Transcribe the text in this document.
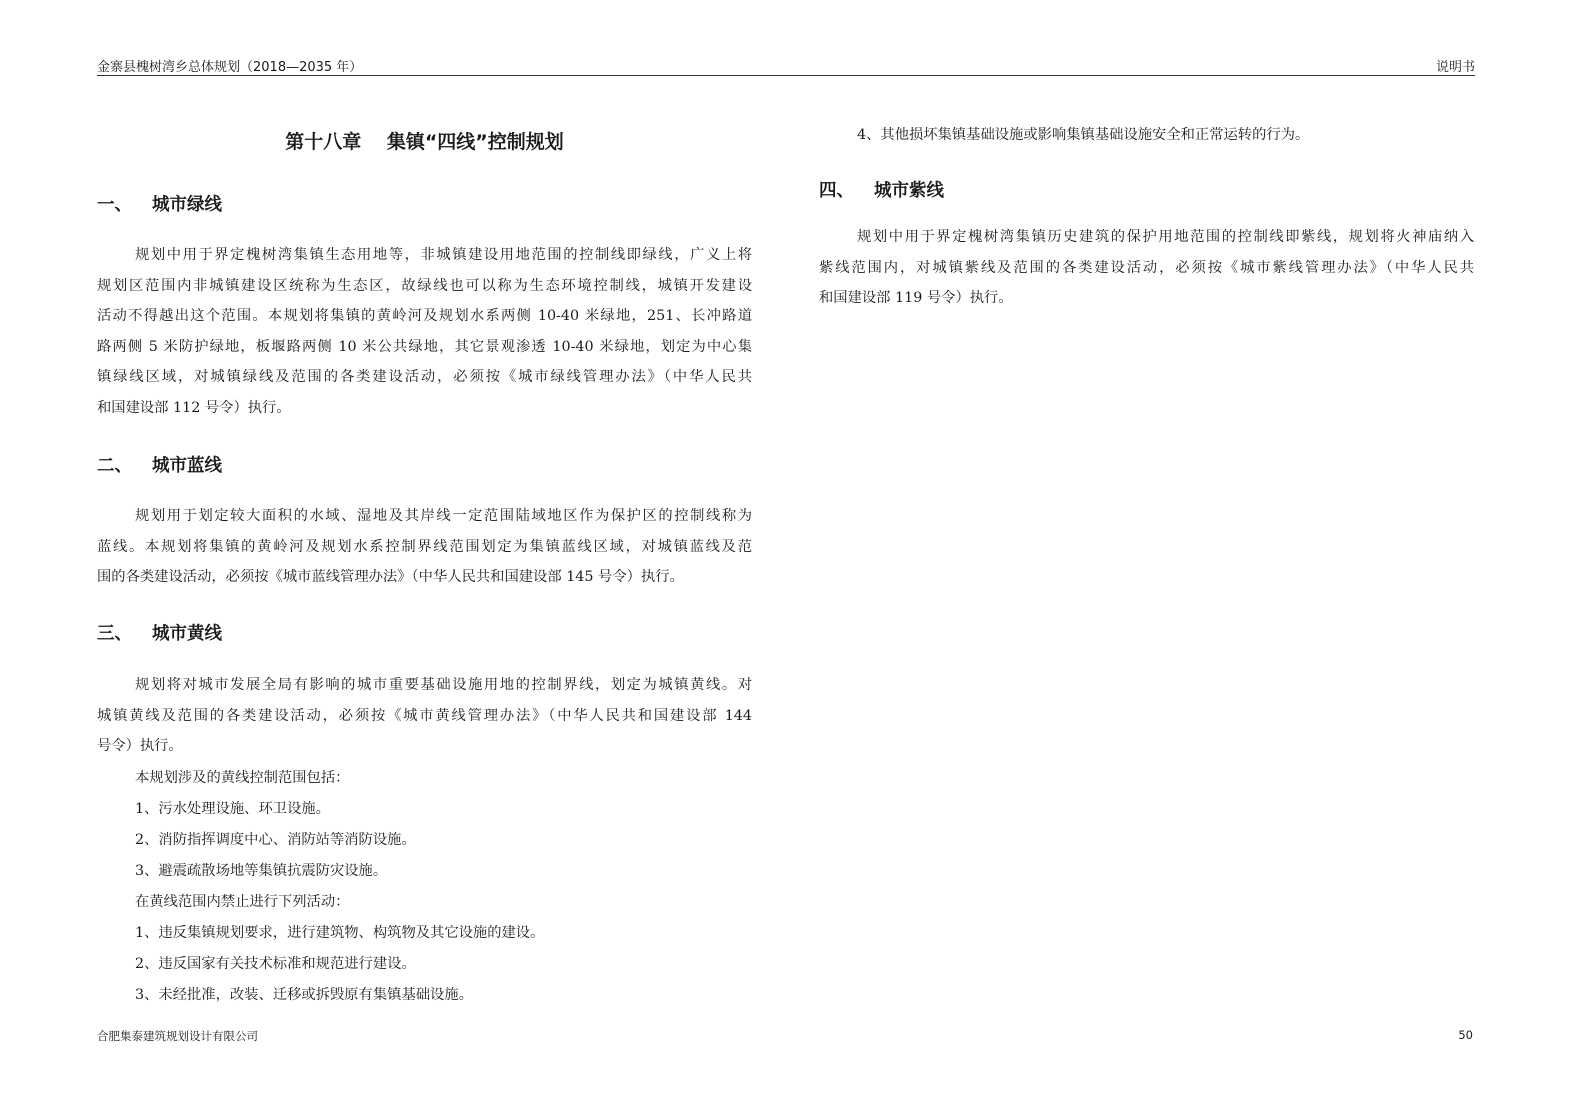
金寨县槐树湾乡总体规划（2018—2035 年）	说明书
第十八章　 集镇“四线”控制规划
一、 城市绿线
规划中用于界定槐树湾集镇生态用地等，非城镇建设用地范围的控制线即绿线，广义上将
规划区范围内非城镇建设区统称为生态区，故绿线也可以称为生态环境控制线，城镇开发建设
活动不得越出这个范围。本规划将集镇的黄岭河及规划水系两侧 10-40 米绿地，251、长冲路道
路两侧 5 米防护绿地，板堰路两侧 10 米公共绿地，其它景观渗透 10-40 米绿地，划定为中心集
镇绿线区域，对城镇绿线及范围的各类建设活动，必须按《城市绿线管理办法》（中华人民共
和国建设部 112 号令）执行。
二、 城市蓝线
规划用于划定较大面积的水域、湿地及其岸线一定范围陆域地区作为保护区的控制线称为
蓝线。本规划将集镇的黄岭河及规划水系控制界线范围划定为集镇蓝线区域，对城镇蓝线及范
围的各类建设活动，必须按《城市蓝线管理办法》（中华人民共和国建设部 145 号令）执行。
三、 城市黄线
规划将对城市发展全局有影响的城市重要基础设施用地的控制界线，划定为城镇黄线。对
城镇黄线及范围的各类建设活动，必须按《城市黄线管理办法》（中华人民共和国建设部 144
号令）执行。
本规划涉及的黄线控制范围包括：
1、污水处理设施、环卫设施。
2、消防指挥调度中心、消防站等消防设施。
3、避震疏散场地等集镇抗震防灾设施。
在黄线范围内禁止进行下列活动：
1、违反集镇规划要求，进行建筑物、构筑物及其它设施的建设。
2、违反国家有关技术标准和规范进行建设。
3、未经批准，改装、迁移或拆毁原有集镇基础设施。
4、其他损坏集镇基础设施或影响集镇基础设施安全和正常运转的行为。
四、 城市紫线
规划中用于界定槐树湾集镇历史建筑的保护用地范围的控制线即紫线，规划将火神庙纳入
紫线范围内，对城镇紫线及范围的各类建设活动，必须按《城市紫线管理办法》（中华人民共
和国建设部 119 号令）执行。
合肥集泰建筑规划设计有限公司	50
